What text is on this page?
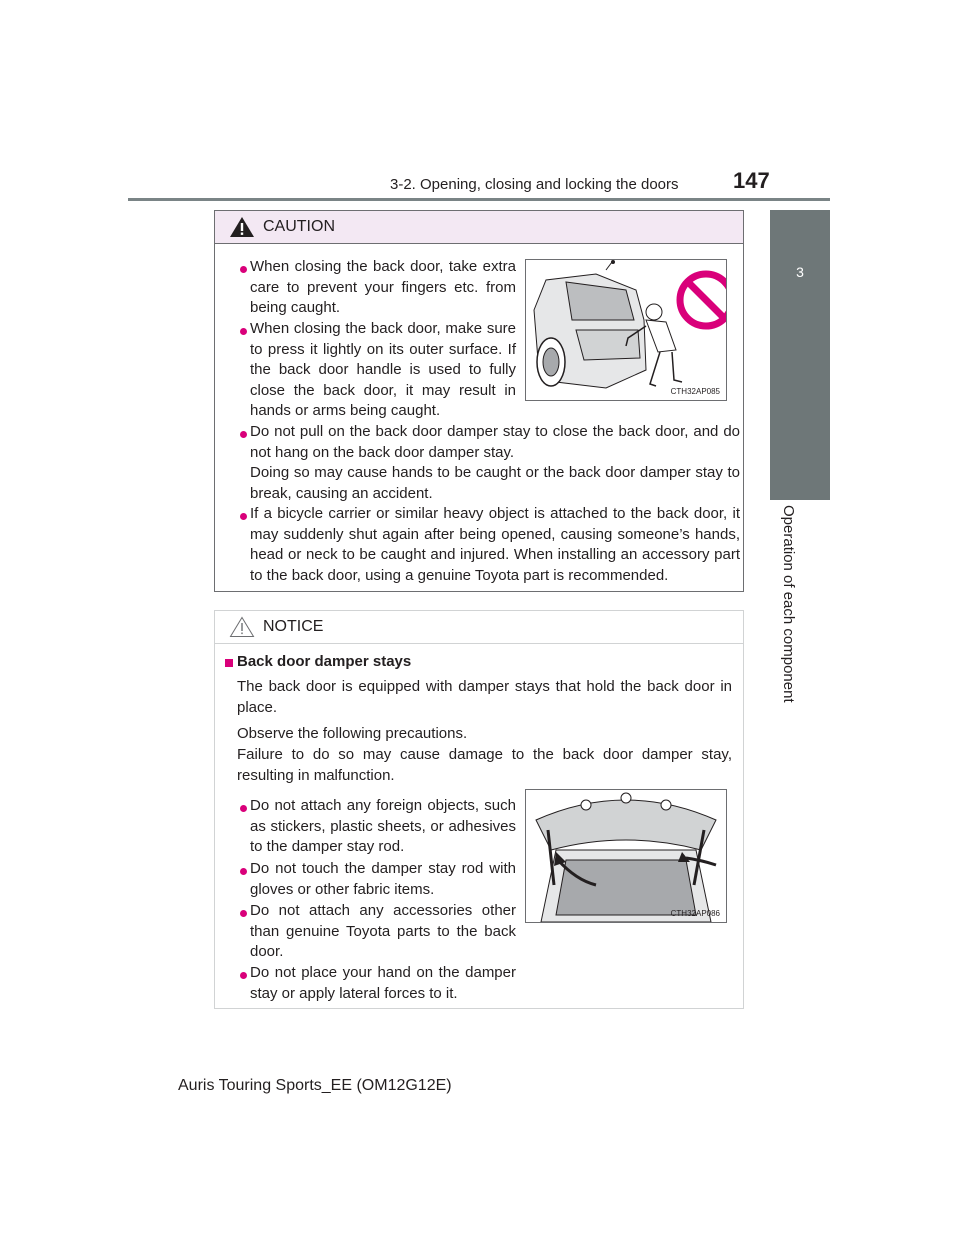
3-2. Opening, closing and locking the doors 147
3
Operation of each component
CAUTION
When closing the back door, take extra care to prevent your fingers etc. from being caught.
When closing the back door, make sure to press it lightly on its outer surface. If the back door handle is used to fully close the back door, it may result in hands or arms being caught.
CTH32AP085
Do not pull on the back door damper stay to close the back door, and do not hang on the back door damper stay.
Doing so may cause hands to be caught or the back door damper stay to break, causing an accident.
If a bicycle carrier or similar heavy object is attached to the back door, it may suddenly shut again after being opened, causing someone’s hands, head or neck to be caught and injured. When installing an accessory part to the back door, using a genuine Toyota part is recommended.
NOTICE
Back door damper stays
The back door is equipped with damper stays that hold the back door in place.
Observe the following precautions.
Failure to do so may cause damage to the back door damper stay, resulting in malfunction.
Do not attach any foreign objects, such as stickers, plastic sheets, or adhesives to the damper stay rod.
Do not touch the damper stay rod with gloves or other fabric items.
Do not attach any accessories other than genuine Toyota parts to the back door.
Do not place your hand on the damper stay or apply lateral forces to it.
CTH32AP086
Auris Touring Sports_EE (OM12G12E)
